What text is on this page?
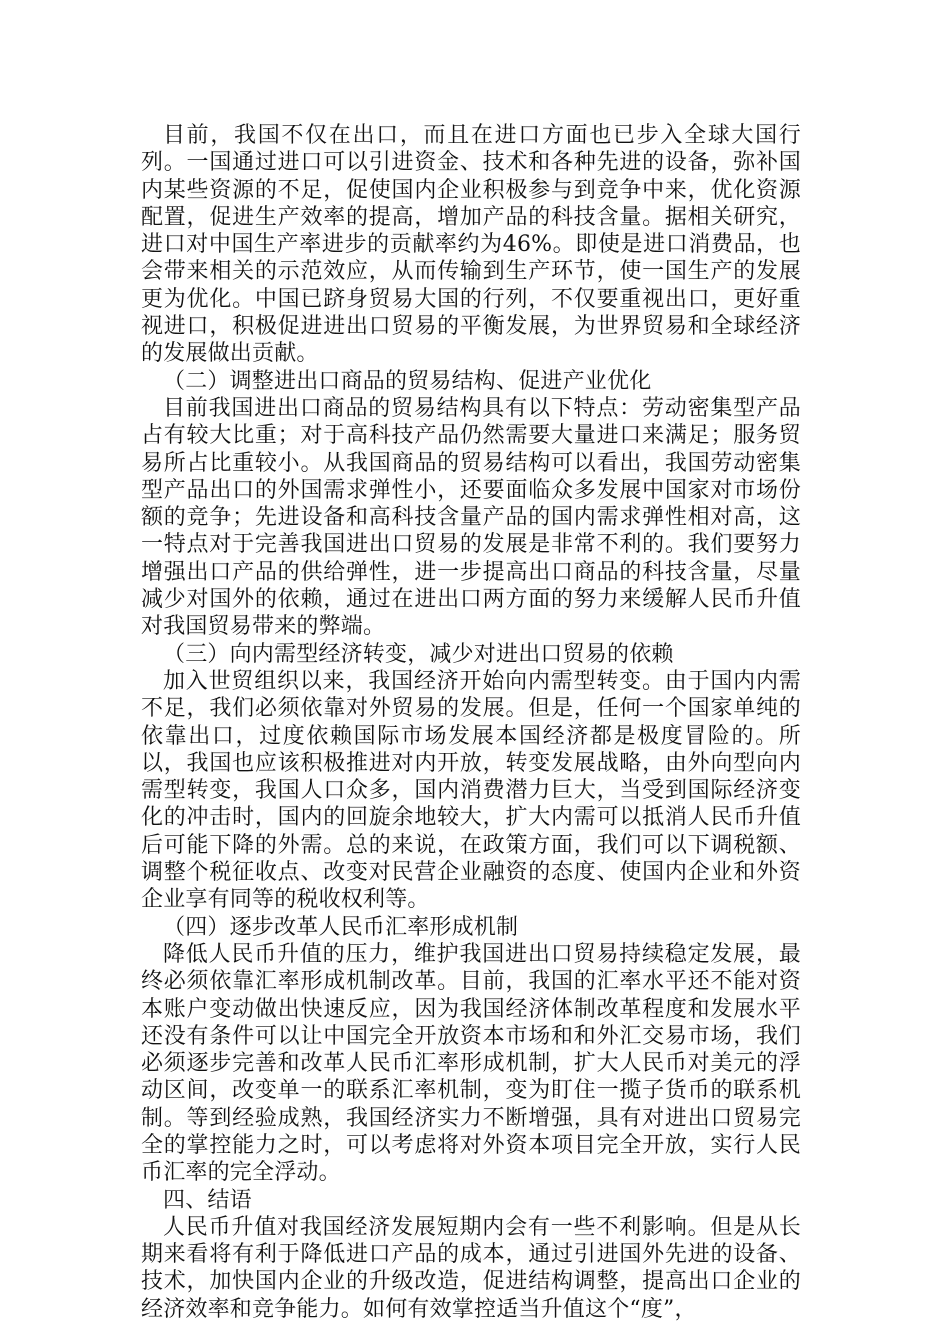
目前，我国不仅在出口，而且在进口方面也已步入全球大国行列。一国通过进口可以引进资金、技术和各种先进的设备，弥补国内某些资源的不足，促使国内企业积极参与到竞争中来，优化资源配置，促进生产效率的提高，增加产品的科技含量。据相关研究，进口对中国生产率进步的贡献率约为46%。即使是进口消费品，也会带来相关的示范效应，从而传输到生产环节，使一国生产的发展更为优化。中国已跻身贸易大国的行列，不仅要重视出口，更好重视进口，积极促进进出口贸易的平衡发展，为世界贸易和全球经济的发展做出贡献。

（二）调整进出口商品的贸易结构、促进产业优化

目前我国进出口商品的贸易结构具有以下特点：劳动密集型产品占有较大比重；对于高科技产品仍然需要大量进口来满足；服务贸易所占比重较小。从我国商品的贸易结构可以看出，我国劳动密集型产品出口的外国需求弹性小，还要面临众多发展中国家对市场份额的竞争；先进设备和高科技含量产品的国内需求弹性相对高，这一特点对于完善我国进出口贸易的发展是非常不利的。我们要努力增强出口产品的供给弹性，进一步提高出口商品的科技含量，尽量减少对国外的依赖，通过在进出口两方面的努力来缓解人民币升值对我国贸易带来的弊端。

（三）向内需型经济转变，减少对进出口贸易的依赖

加入世贸组织以来，我国经济开始向内需型转变。由于国内内需不足，我们必须依靠对外贸易的发展。但是，任何一个国家单纯的依靠出口，过度依赖国际市场发展本国经济都是极度冒险的。所以，我国也应该积极推进对内开放，转变发展战略，由外向型向内需型转变，我国人口众多，国内消费潜力巨大，当受到国际经济变化的冲击时，国内的回旋余地较大，扩大内需可以抵消人民币升值后可能下降的外需。总的来说，在政策方面，我们可以下调税额、调整个税征收点、改变对民营企业融资的态度、使国内企业和外资企业享有同等的税收权利等。

（四）逐步改革人民币汇率形成机制

降低人民币升值的压力，维护我国进出口贸易持续稳定发展，最终必须依靠汇率形成机制改革。目前，我国的汇率水平还不能对资本账户变动做出快速反应，因为我国经济体制改革程度和发展水平还没有条件可以让中国完全开放资本市场和和外汇交易市场，我们必须逐步完善和改革人民币汇率形成机制，扩大人民币对美元的浮动区间，改变单一的联系汇率机制，变为盯住一揽子货币的联系机制。等到经验成熟，我国经济实力不断增强，具有对进出口贸易完全的掌控能力之时，可以考虑将对外资本项目完全开放，实行人民币汇率的完全浮动。

四、结语

人民币升值对我国经济发展短期内会有一些不利影响。但是从长期来看将有利于降低进口产品的成本，通过引进国外先进的设备、技术，加快国内企业的升级改造，促进结构调整，提高出口企业的经济效率和竞争能力。如何有效掌控适当升值这个“度”，
